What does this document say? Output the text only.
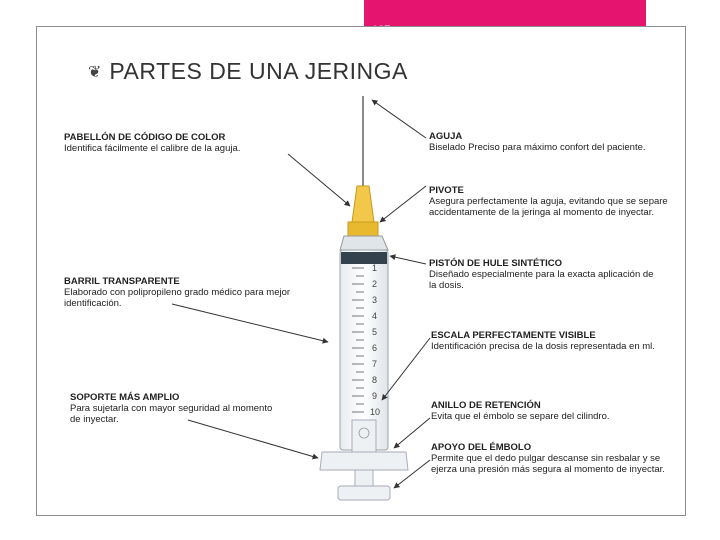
❦ PARTES DE UNA JERINGA
1
2
3
4
5
6
7
8
9
10
PABELLÓN DE CÓDIGO DE COLOR
Identifica fácilmente el calibre de la aguja.
BARRIL TRANSPARENTE
Elaborado con polipropileno grado médico para mejor identificación.
SOPORTE MÁS AMPLIO
Para sujetarla con mayor seguridad al momento de inyectar.
AGUJA
Biselado Preciso para máximo confort del paciente.
PIVOTE
Asegura perfectamente la aguja, evitando que se separe accidentamente de la jeringa al momento de inyectar.
PISTÓN DE HULE SINTÉTICO
Diseñado especialmente para la exacta aplicación de la dosis.
ESCALA PERFECTAMENTE VISIBLE
Identificación precisa de la dosis representada en ml.
ANILLO DE RETENCIÓN
Evita que el émbolo se separe del cilindro.
APOYO DEL ÉMBOLO
Permite que el dedo pulgar descanse sin resbalar y se ejerza una presión más segura al momento de inyectar.
